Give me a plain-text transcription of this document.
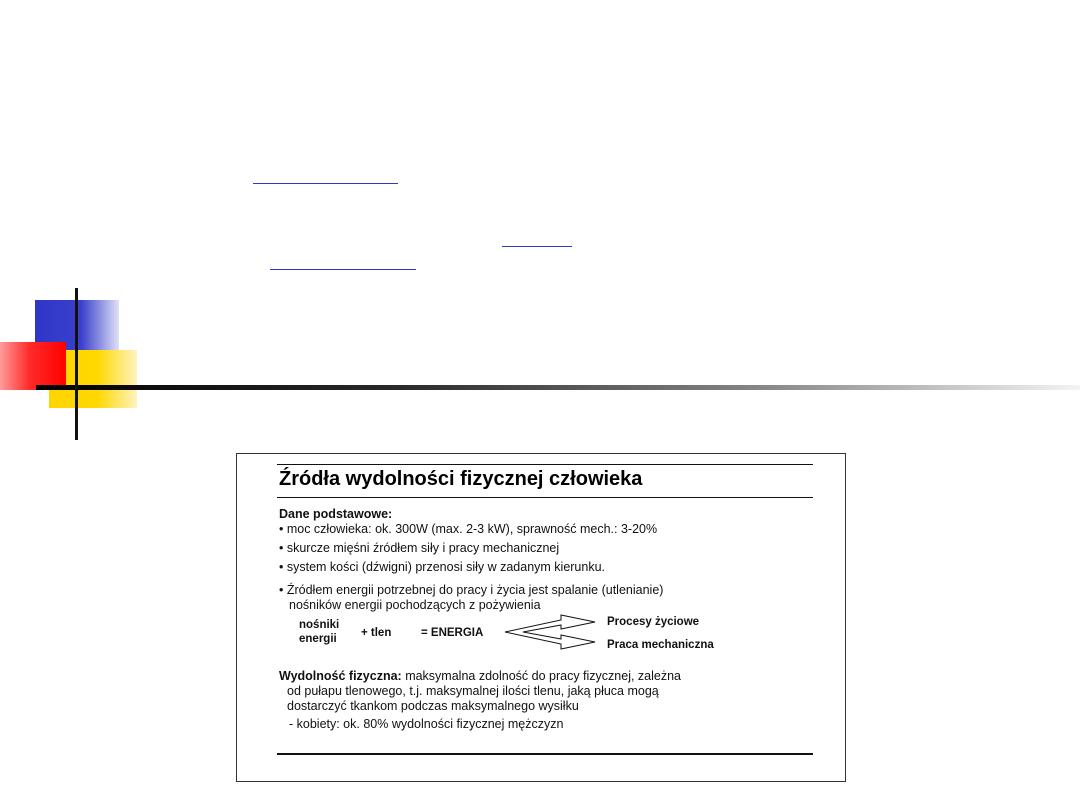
Źródła wydolności fizycznej człowieka
Dane podstawowe:
• moc człowieka: ok. 300W (max. 2-3 kW), sprawność mech.: 3-20%
• skurcze mięśni źródłem siły i pracy mechanicznej
• system kości (dźwigni) przenosi siły w zadanym kierunku.
• Źródłem energii potrzebnej do pracy i życia jest spalanie (utlenianie)
nośników energii pochodzących z pożywienia
nośniki
energii + tlen	= ENERGIA
Procesy życiowe
Praca mechaniczna
Wydolność fizyczna: maksymalna zdolność do pracy fizycznej, zależna
od pułapu tlenowego, t.j. maksymalnej ilości tlenu, jaką płuca mogą
dostarczyć tkankom podczas maksymalnego wysiłku
- kobiety: ok. 80% wydolności fizycznej mężczyzn
